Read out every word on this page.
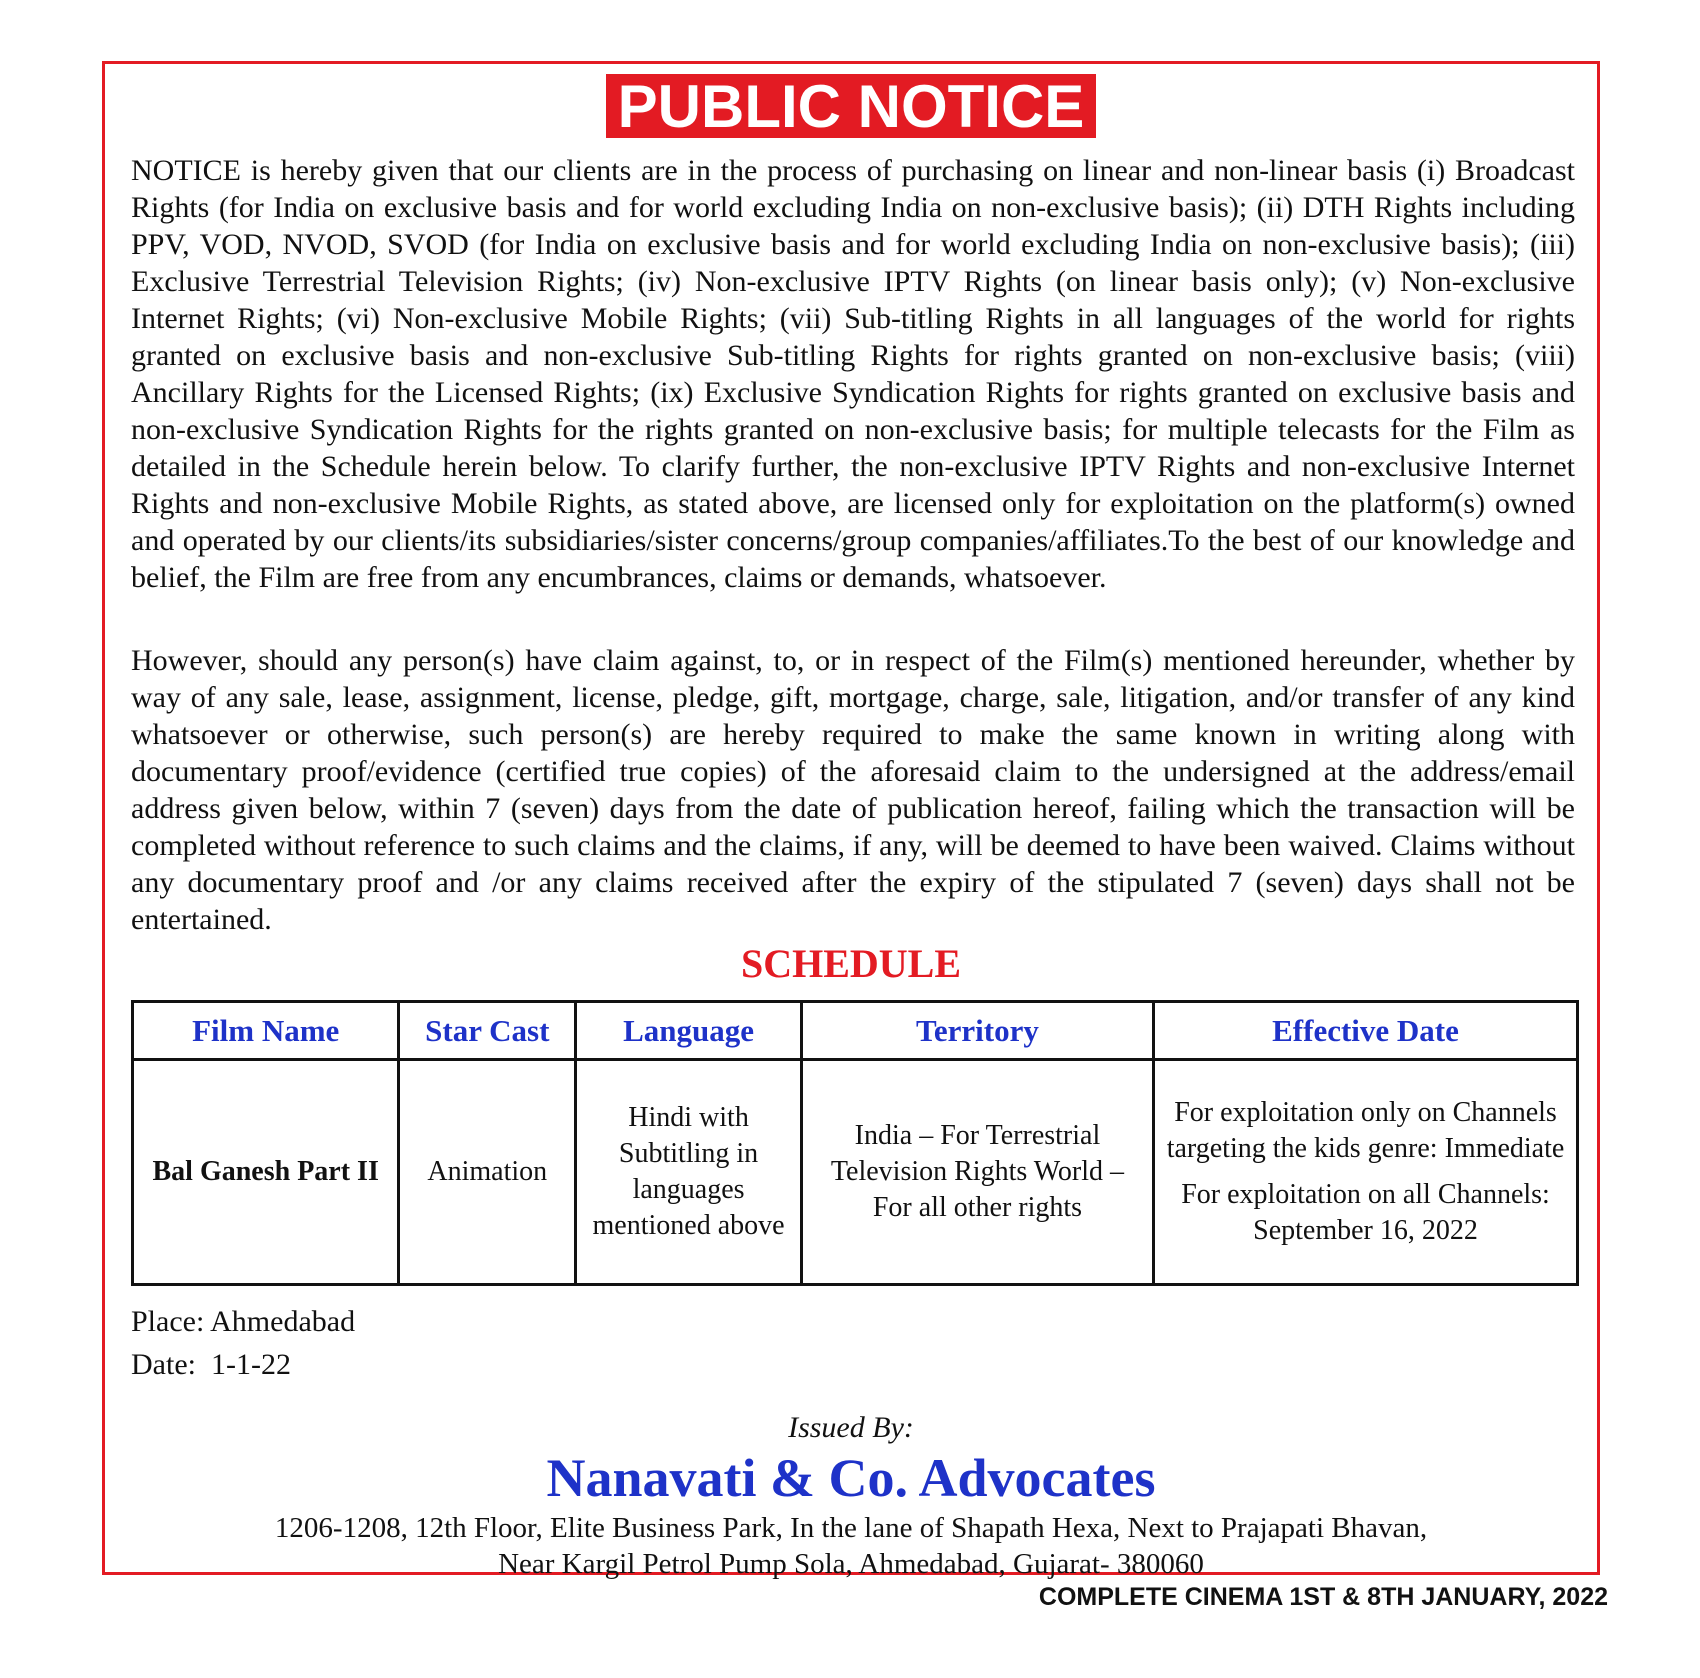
PUBLIC NOTICE

NOTICE is hereby given that our clients are in the process of purchasing on linear and non-linear basis (i) Broadcast Rights (for India on exclusive basis and for world excluding India on non-exclusive basis); (ii) DTH Rights including PPV, VOD, NVOD, SVOD (for India on exclusive basis and for world excluding India on non-exclusive basis); (iii) Exclusive Terrestrial Television Rights; (iv) Non-exclusive IPTV Rights (on linear basis only); (v) Non-exclusive Internet Rights; (vi) Non-exclusive Mobile Rights; (vii) Sub-titling Rights in all languages of the world for rights granted on exclusive basis and non-exclusive Sub-titling Rights for rights granted on non-exclusive basis; (viii) Ancillary Rights for the Licensed Rights; (ix) Exclusive Syndication Rights for rights granted on exclusive basis and non-exclusive Syndication Rights for the rights granted on non-exclusive basis; for multiple telecasts for the Film as detailed in the Schedule herein below. To clarify further, the non-exclusive IPTV Rights and non-exclusive Internet Rights and non-exclusive Mobile Rights, as stated above, are licensed only for exploitation on the platform(s) owned and operated by our clients/its subsidiaries/sister concerns/group companies/affiliates.To the best of our knowledge and belief, the Film are free from any encumbrances, claims or demands, whatsoever.

However, should any person(s) have claim against, to, or in respect of the Film(s) mentioned hereunder, whether by way of any sale, lease, assignment, license, pledge, gift, mortgage, charge, sale, litigation, and/or transfer of any kind whatsoever or otherwise, such person(s) are hereby required to make the same known in writing along with documentary proof/evidence (certified true copies) of the aforesaid claim to the undersigned at the address/email address given below, within 7 (seven) days from the date of publication hereof, failing which the transaction will be completed without reference to such claims and the claims, if any, will be deemed to have been waived. Claims without any documentary proof and /or any claims received after the expiry of the stipulated 7 (seven) days shall not be entertained.

SCHEDULE
Film Name	Star Cast	Language	Territory	Effective Date
Bal Ganesh Part II	Animation	Hindi with Subtitling in languages mentioned above	India – For Terrestrial Television Rights World – For all other rights	For exploitation only on Channels targeting the kids genre: Immediate

For exploitation on all Channels: September 16, 2022

Place: Ahmedabad
Date:  1-1-22
Issued By:
Nanavati & Co. Advocates
1206-1208, 12th Floor, Elite Business Park, In the lane of Shapath Hexa, Next to Prajapati Bhavan,
Near Kargil Petrol Pump Sola, Ahmedabad, Gujarat- 380060
COMPLETE CINEMA 1ST & 8TH JANUARY, 2022
